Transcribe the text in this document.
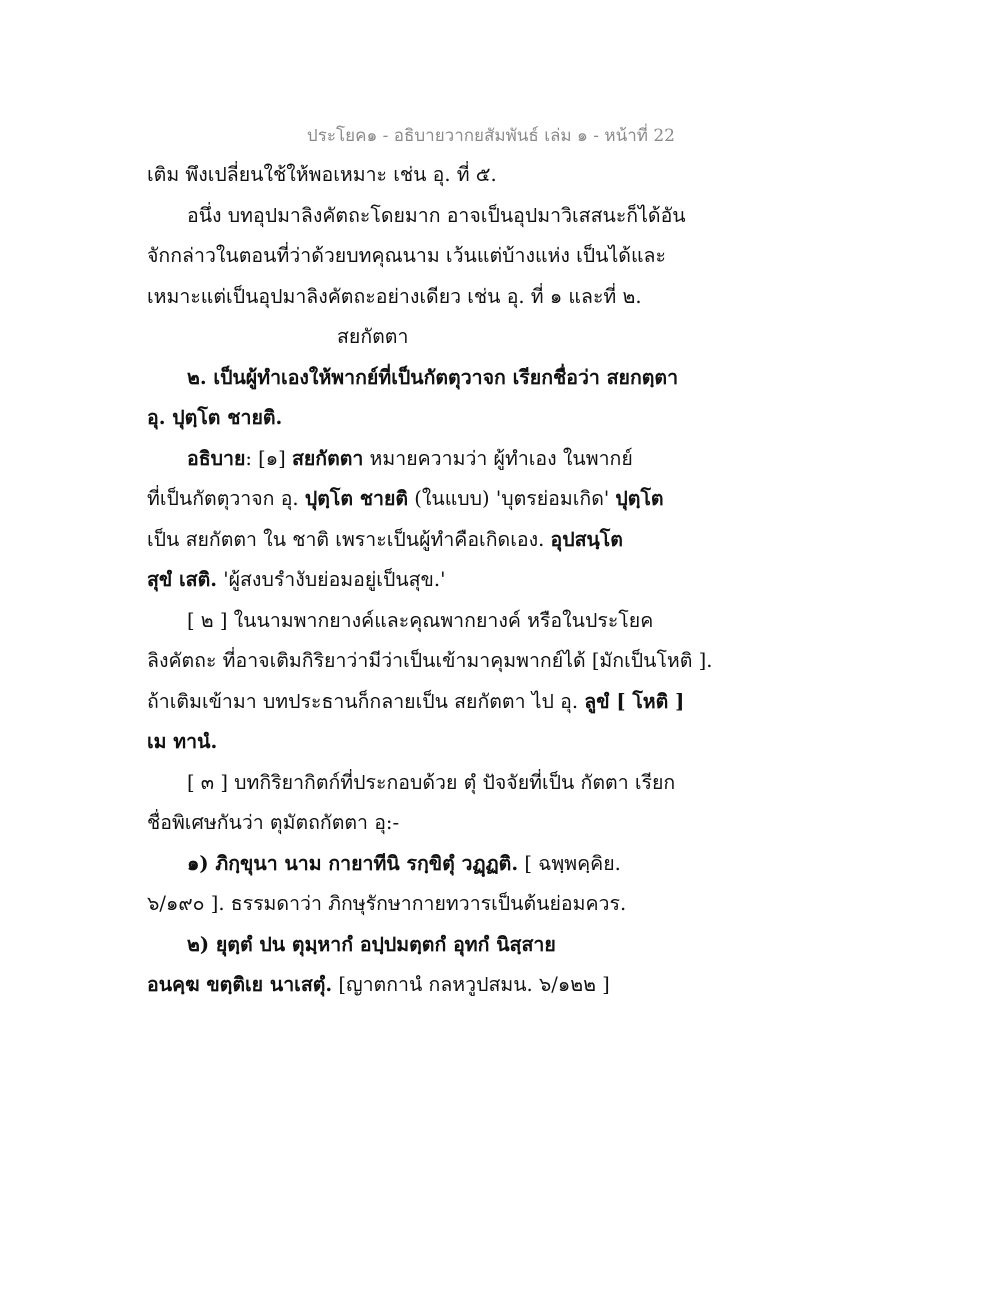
ประโยค๑ - อธิบายวากยสัมพันธ์ เล่ม ๑ - หน้าที่ 22
เติม พึงเปลี่ยนใช้ให้พอเหมาะ เช่น อุ. ที่ ๕.
อนึ่ง บทอุปมาลิงคัตถะโดยมาก อาจเป็นอุปมาวิเสสนะก็ได้อัน
จักกล่าวในตอนที่ว่าด้วยบทคุณนาม เว้นแต่บ้างแห่ง เป็นได้และ
เหมาะแต่เป็นอุปมาลิงคัตถะอย่างเดียว เช่น อุ. ที่ ๑ และที่ ๒.
สยกัตตา
๒. เป็นผู้ทำเองให้พากย์ที่เป็นกัตตุวาจก เรียกชื่อว่า สยกตฺตา
อุ. ปุตฺโต ชายติ.
อธิบาย: [๑] สยกัตตา หมายความว่า ผู้ทำเอง ในพากย์
ที่เป็นกัตตุวาจก อุ. ปุตฺโต ชายติ (ในแบบ) 'บุตรย่อมเกิด' ปุตฺโต
เป็น สยกัตตา ใน ชาติ เพราะเป็นผู้ทำคือเกิดเอง. อุปสนฺโต
สุขํ เสติ. 'ผู้สงบรำงับย่อมอยู่เป็นสุข.'
[ ๒ ] ในนามพากยางค์และคุณพากยางค์ หรือในประโยค
ลิงคัตถะ ที่อาจเติมกิริยาว่ามีว่าเป็นเข้ามาคุมพากย์ได้ [มักเป็นโหติ ].
ถ้าเติมเข้ามา บทประธานก็กลายเป็น สยกัตตา ไป อุ. ลูขํ [ โหติ ]
เม ทานํ.
[ ๓ ] บทกิริยากิตก์ที่ประกอบด้วย ตุํ ปัจจัยที่เป็น กัตตา เรียก
ชื่อพิเศษกันว่า ตุมัตถกัตตา อุ:-
๑) ภิกฺขุนา นาม กายาทีนิ รกฺขิตุํ วฏฺฏติ. [ ฉพฺพคฺคิย.
๖/๑๙๐ ]. ธรรมดาว่า ภิกษุรักษากายทวารเป็นต้นย่อมควร.
๒) ยุตฺตํ ปน ตุมฺหากํ อปฺปมตฺตกํ อุทกํ นิสฺสาย
อนคฺฆ ขตฺติเย นาเสตุํ. [ญาตกานํ กลหวูปสมน. ๖/๑๒๒ ]
